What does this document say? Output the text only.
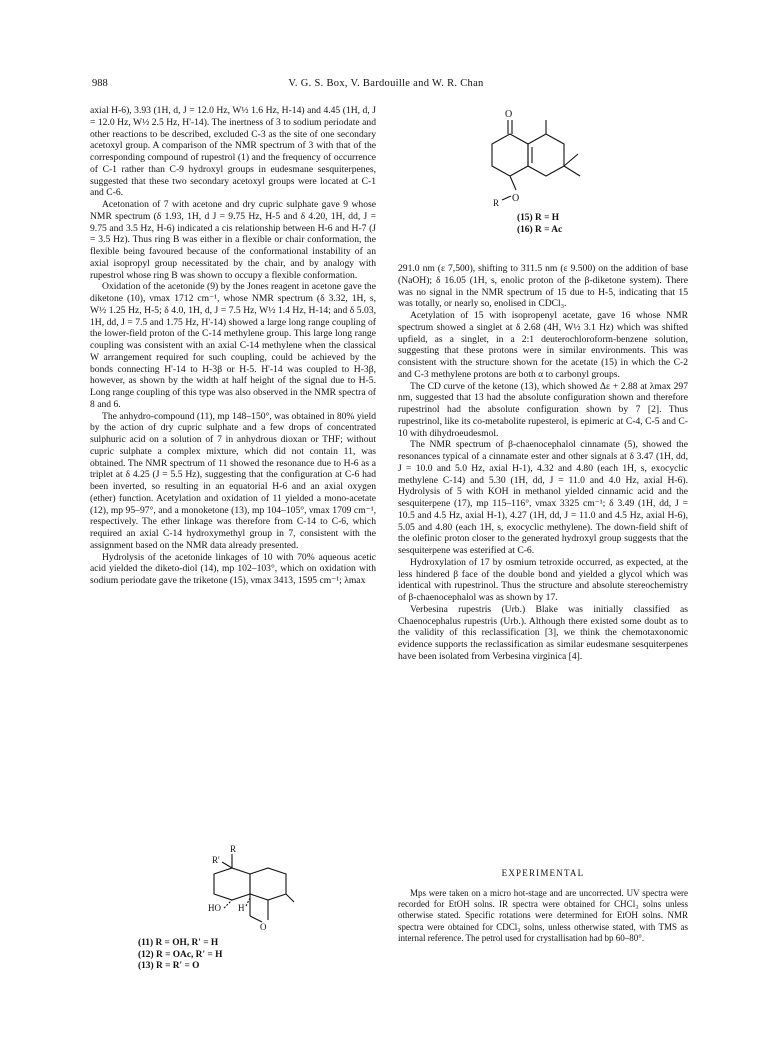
988	V. G. S. Box, V. Bardouille and W. R. Chan

axial H-6), 3.93 (1H, d, J = 12.0 Hz, W½ 1.6 Hz, H-14) and 4.45 (1H, d, J = 12.0 Hz, W½ 2.5 Hz, H'-14). The inertness of 3 to sodium periodate and other reactions to be described, excluded C-3 as the site of one secondary acetoxyl group. A comparison of the NMR spectrum of 3 with that of the corresponding compound of rupestrol (1) and the frequency of occurrence of C-1 rather than C-9 hydroxyl groups in eudesmane sesquiterpenes, suggested that these two secondary acetoxyl groups were located at C-1 and C-6.

Acetonation of 7 with acetone and dry cupric sulphate gave 9 whose NMR spectrum (δ 1.93, 1H, d J = 9.75 Hz, H-5 and δ 4.20, 1H, dd, J = 9.75 and 3.5 Hz, H-6) indicated a cis relationship between H-6 and H-7 (J = 3.5 Hz). Thus ring B was either in a flexible or chair conformation, the flexible being favoured because of the conformational instability of an axial isopropyl group necessitated by the chair, and by analogy with rupestrol whose ring B was shown to occupy a flexible conformation.

Oxidation of the acetonide (9) by the Jones reagent in acetone gave the diketone (10), νmax 1712 cm⁻¹, whose NMR spectrum (δ 3.32, 1H, s, W½ 1.25 Hz, H-5; δ 4.0, 1H, d, J = 7.5 Hz, W½ 1.4 Hz, H-14; and δ 5.03, 1H, dd, J = 7.5 and 1.75 Hz, H'-14) showed a large long range coupling of the lower-field proton of the C-14 methylene group. This large long range coupling was consistent with an axial C-14 methylene when the classical W arrangement required for such coupling, could be achieved by the bonds connecting H'-14 to H-3β or H-5. H'-14 was coupled to H-3β, however, as shown by the width at half height of the signal due to H-5. Long range coupling of this type was also observed in the NMR spectra of 8 and 6.

The anhydro-compound (11), mp 148–150°, was obtained in 80% yield by the action of dry cupric sulphate and a few drops of concentrated sulphuric acid on a solution of 7 in anhydrous dioxan or THF; without cupric sulphate a complex mixture, which did not contain 11, was obtained. The NMR spectrum of 11 showed the resonance due to H-6 as a triplet at δ 4.25 (J = 5.5 Hz), suggesting that the configuration at C-6 had been inverted, so resulting in an equatorial H-6 and an axial oxygen (ether) function. Acetylation and oxidation of 11 yielded a mono-acetate (12), mp 95–97°, and a monoketone (13), mp 104–105°, νmax 1709 cm⁻¹, respectively. The ether linkage was therefore from C-14 to C-6, which required an axial C-14 hydroxymethyl group in 7, consistent with the assignment based on the NMR data already presented.

Hydrolysis of the acetonide linkages of 10 with 70% aqueous acetic acid yielded the diketo-diol (14), mp 102–103°, which on oxidation with sodium periodate gave the triketone (15), νmax 3413, 1595 cm⁻¹; λmax

O
O
R
(15) R = H
(16) R = Ac

291.0 nm (ε 7,500), shifting to 311.5 nm (ε 9.500) on the addition of base (NaOH); δ 16.05 (1H, s, enolic proton of the β-diketone system). There was no signal in the NMR spectrum of 15 due to H-5, indicating that 15 was totally, or nearly so, enolised in CDCl₃.

Acetylation of 15 with isopropenyl acetate, gave 16 whose NMR spectrum showed a singlet at δ 2.68 (4H, W½ 3.1 Hz) which was shifted upfield, as a singlet, in a 2:1 deuterochloroform-benzene solution, suggesting that these protons were in similar environments. This was consistent with the structure shown for the acetate (15) in which the C-2 and C-3 methylene protons are both α to carbonyl groups.

The CD curve of the ketone (13), which showed Δε + 2.88 at λmax 297 nm, suggested that 13 had the absolute configuration shown and therefore rupestrinol had the absolute configuration shown by 7 [2]. Thus rupestrinol, like its co-metabolite rupesterol, is epimeric at C-4, C-5 and C-10 with dihydroeudesmol.

The NMR spectrum of β-chaenocephalol cinnamate (5), showed the resonances typical of a cinnamate ester and other signals at δ 3.47 (1H, dd, J = 10.0 and 5.0 Hz, axial H-1), 4.32 and 4.80 (each 1H, s, exocyclic methylene C-14) and 5.30 (1H, dd, J = 11.0 and 4.0 Hz, axial H-6). Hydrolysis of 5 with KOH in methanol yielded cinnamic acid and the sesquiterpene (17), mp 115–116°, νmax 3325 cm⁻¹; δ 3.49 (1H, dd, J = 10.5 and 4.5 Hz, axial H-1), 4.27 (1H, dd, J = 11.0 and 4.5 Hz, axial H-6), 5.05 and 4.80 (each 1H, s, exocyclic methylene). The down-field shift of the olefinic proton closer to the generated hydroxyl group suggests that the sesquiterpene was esterified at C-6.

Hydroxylation of 17 by osmium tetroxide occurred, as expected, at the less hindered β face of the double bond and yielded a glycol which was identical with rupestrinol. Thus the structure and absolute stereochemistry of β-chaenocephalol was as shown by 17.

Verbesina rupestris (Urb.) Blake was initially classified as Chaenocephalus rupestris (Urb.). Although there existed some doubt as to the validity of this reclassification [3], we think the chemotaxonomic evidence supports the reclassification as similar eudesmane sesquiterpenes have been isolated from Verbesina virginica [4].

R
R'
O
HO H
(11) R = OH, R' = H
(12) R = OAc, R' = H
(13) R = R' = O
EXPERIMENTAL

Mps were taken on a micro hot-stage and are uncorrected. UV spectra were recorded for EtOH solns. IR spectra were obtained for CHCl₃ solns unless otherwise stated. Specific rotations were determined for EtOH solns. NMR spectra were obtained for CDCl₃ solns, unless otherwise stated, with TMS as internal reference. The petrol used for crystallisation had bp 60–80°.
